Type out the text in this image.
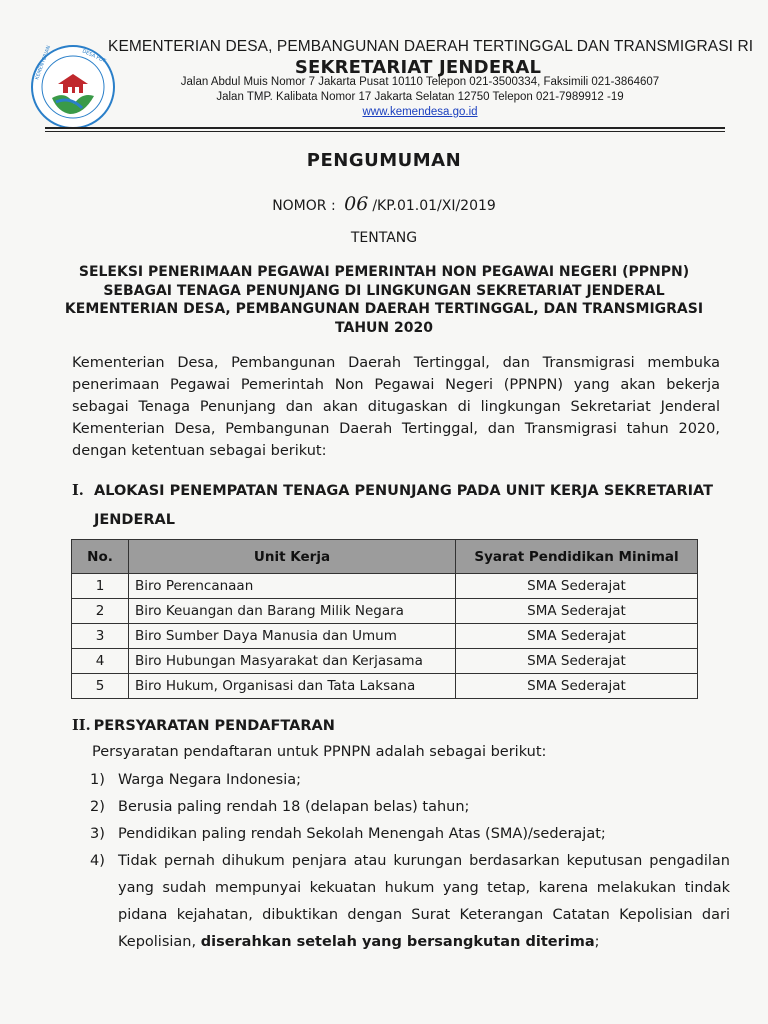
KEMENTERIAN	DESA PDT
KEMENTERIAN DESA, PEMBANGUNAN DAERAH TERTINGGAL DAN TRANSMIGRASI RI
SEKRETARIAT JENDERAL
Jalan Abdul Muis Nomor 7 Jakarta Pusat 10110 Telepon 021-3500334, Faksimili 021-3864607
Jalan TMP. Kalibata Nomor 17 Jakarta Selatan 12750 Telepon 021-7989912 -19
www.kemendesa.go.id
PENGUMUMAN
NOMOR : 06 /KP.01.01/XI/2019
TENTANG
SELEKSI PENERIMAAN PEGAWAI PEMERINTAH NON PEGAWAI NEGERI (PPNPN)
SEBAGAI TENAGA PENUNJANG DI LINGKUNGAN SEKRETARIAT JENDERAL
KEMENTERIAN DESA, PEMBANGUNAN DAERAH TERTINGGAL, DAN TRANSMIGRASI
TAHUN 2020
Kementerian Desa, Pembangunan Daerah Tertinggal, dan Transmigrasi membuka penerimaan Pegawai Pemerintah Non Pegawai Negeri (PPNPN) yang akan bekerja sebagai Tenaga Penunjang dan akan ditugaskan di lingkungan Sekretariat Jenderal Kementerian Desa, Pembangunan Daerah Tertinggal, dan Transmigrasi tahun 2020, dengan ketentuan sebagai berikut:
I. ALOKASI PENEMPATAN TENAGA PENUNJANG PADA UNIT KERJA SEKRETARIAT
JENDERAL
No.	Unit Kerja	Syarat Pendidikan Minimal
1	Biro Perencanaan	SMA Sederajat
2	Biro Keuangan dan Barang Milik Negara	SMA Sederajat
3	Biro Sumber Daya Manusia dan Umum	SMA Sederajat
4	Biro Hubungan Masyarakat dan Kerjasama	SMA Sederajat
5	Biro Hukum, Organisasi dan Tata Laksana	SMA Sederajat
II. PERSYARATAN PENDAFTARAN
Persyaratan pendaftaran untuk PPNPN adalah sebagai berikut:
1) Warga Negara Indonesia;
2) Berusia paling rendah 18 (delapan belas) tahun;
3) Pendidikan paling rendah Sekolah Menengah Atas (SMA)/sederajat;
4) Tidak pernah dihukum penjara atau kurungan berdasarkan keputusan pengadilan yang sudah mempunyai kekuatan hukum yang tetap, karena melakukan tindak pidana kejahatan, dibuktikan dengan Surat Keterangan Catatan Kepolisian dari Kepolisian, diserahkan setelah yang bersangkutan diterima;
